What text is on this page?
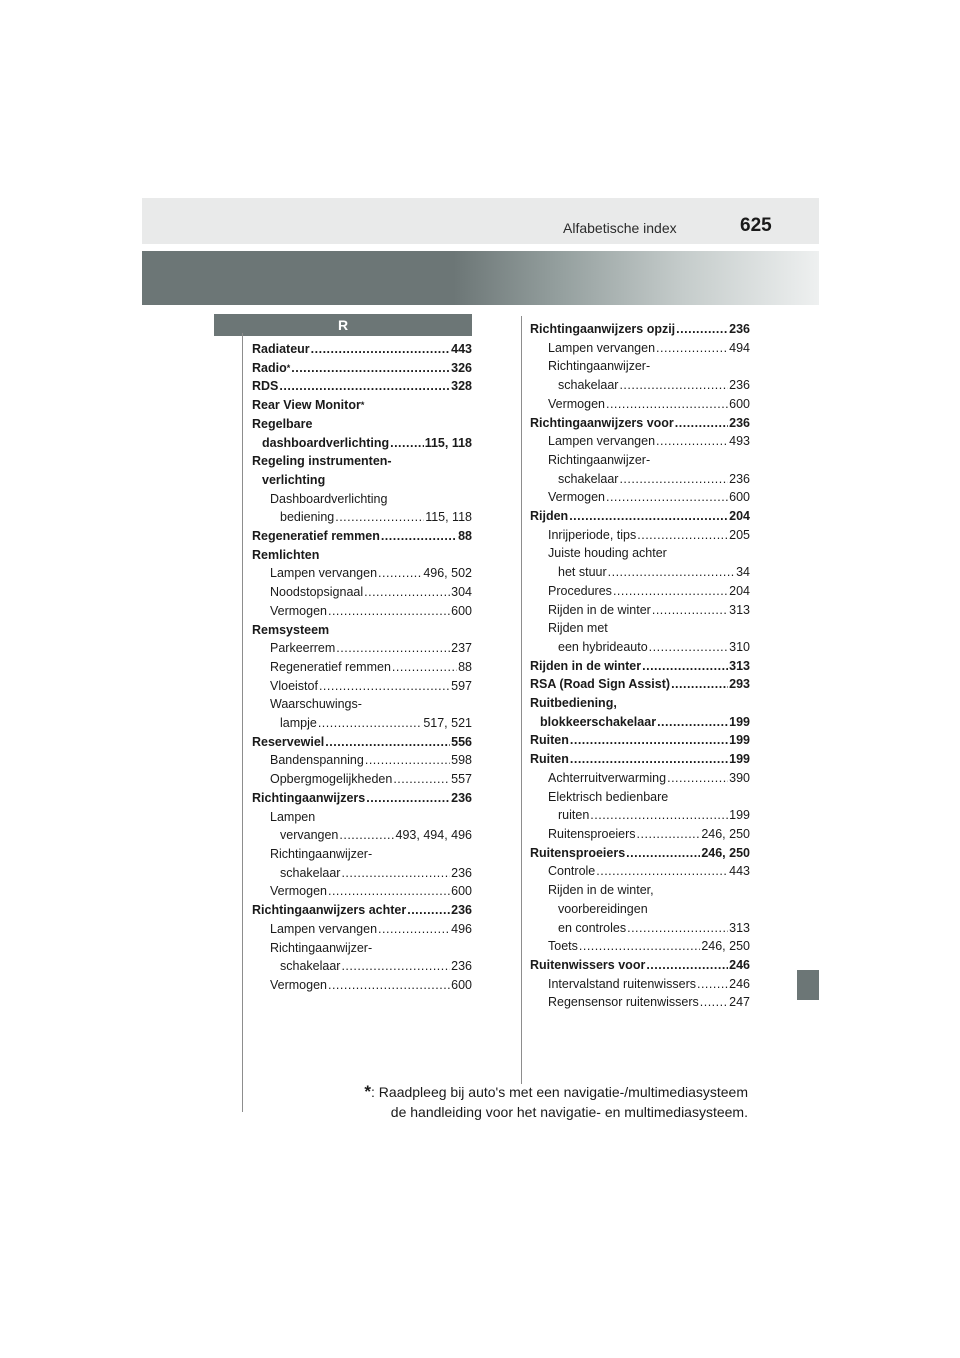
Alfabetische index	625
R
Radiateur .....	443
Radio* .....	326
RDS .....	328
Rear View Monitor*
Regelbare
dashboardverlichting .....	115, 118
Regeling instrumenten-
verlichting
Dashboardverlichting
bediening .....	115, 118
Regeneratief remmen .....	88
Remlichten
Lampen vervangen .....	496, 502
Noodstopsignaal .....	304
Vermogen .....	600
Remsysteem
Parkeerrem .....	237
Regeneratief remmen .....	88
Vloeistof .....	597
Waarschuwings-
lampje .....	517, 521
Reservewiel .....	556
Bandenspanning .....	598
Opbergmogelijkheden .....	557
Richtingaanwijzers .....	236
Lampen
vervangen .....	493, 494, 496
Richtingaanwijzer-
schakelaar .....	236
Vermogen .....	600
Richtingaanwijzers achter .....	236
Lampen vervangen .....	496
Richtingaanwijzer-
schakelaar .....	236
Vermogen .....	600
Richtingaanwijzers opzij .....	236
Lampen vervangen .....	494
Richtingaanwijzer-
schakelaar .....	236
Vermogen .....	600
Richtingaanwijzers voor .....	236
Lampen vervangen .....	493
Richtingaanwijzer-
schakelaar .....	236
Vermogen .....	600
Rijden .....	204
Inrijperiode, tips .....	205
Juiste houding achter
het stuur .....	34
Procedures .....	204
Rijden in de winter .....	313
Rijden met
een hybrideauto .....	310
Rijden in de winter .....	313
RSA (Road Sign Assist) .....	293
Ruitbediening,
blokkeerschakelaar .....	199
Ruiten .....	199
Ruiten .....	199
Achterruitverwarming .....	390
Elektrisch bedienbare
ruiten .....	199
Ruitensproeiers .....	246, 250
Ruitensproeiers .....	246, 250
Controle .....	443
Rijden in de winter,
voorbereidingen
en controles .....	313
Toets .....	246, 250
Ruitenwissers voor .....	246
Intervalstand ruitenwissers .....	246
Regensensor ruitenwissers ..... 247
*: Raadpleeg bij auto's met een navigatie-/multimediasysteem
de handleiding voor het navigatie- en multimediasysteem.
